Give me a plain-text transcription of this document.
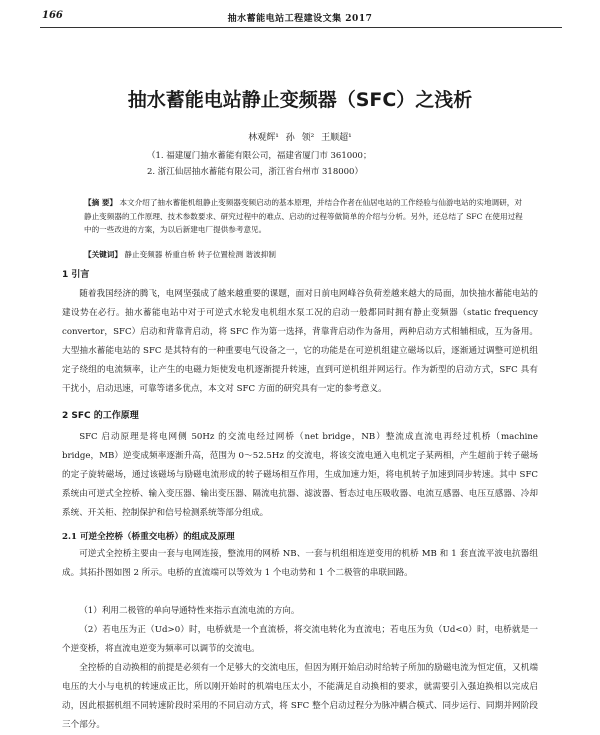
166	抽水蓄能电站工程建设文集 2017
抽水蓄能电站静止变频器（SFC）之浅析
林观辉¹ 孙 领² 王顺超¹
（1. 福建厦门抽水蓄能有限公司，福建省厦门市 361000；
2. 浙江仙居抽水蓄能有限公司，浙江省台州市 318000）
【摘 要】 本文介绍了抽水蓄能机组静止变频器变频启动的基本原理，并结合作者在仙居电站的工作经验与仙游电站的实地调研，对静止变频器的工作原理、技术参数要求、研究过程中的难点、启动的过程等做简单的介绍与分析。另外，还总结了 SFC 在使用过程中的一些改进的方案，为以后新建电厂提供参考意见。
【关键词】 静止变频器 桥重自桥 转子位置检测 谐波抑制
1 引言
随着我国经济的腾飞，电网坚强成了越来越重要的课题，面对日前电网峰谷负荷差越来越大的局面，加快抽水蓄能电站的建设势在必行。抽水蓄能电站中对于可逆式水轮发电机组水泵工况的启动一般都同时拥有静止变频器（static frequency convertor，SFC）启动和背靠背启动，将 SFC 作为第一选择，背靠背启动作为备用，两种启动方式相辅相成，互为备用。大型抽水蓄能电站的 SFC 是其特有的一种重要电气设备之一，它的功能是在可逆机组建立磁场以后，逐渐通过调整可逆机组定子绕组的电流频率，让产生的电磁力矩使发电机逐渐提升转速，直到可逆机组并网运行。作为新型的启动方式，SFC 具有干扰小，启动迅速，可靠等诸多优点，本文对 SFC 方面的研究具有一定的参考意义。
2 SFC 的工作原理
SFC 启动原理是将电网侧 50Hz 的交流电经过网桥（net bridge，NB）整流成直流电再经过机桥（machine bridge，MB）逆变成频率逐渐升高，范围为 0～52.5Hz 的交流电，将该交流电通入电机定子某两相，产生超前于转子磁场的定子旋转磁场，通过该磁场与励磁电流形成的转子磁场相互作用，生成加速力矩，将电机转子加速到同步转速。其中 SFC 系统由可逆式全控桥、输入变压器、输出变压器、隔流电抗器、滤波器、暂态过电压吸收器、电流互感器、电压互感器、冷却系统、开关柜、控制保护和信号检测系统等部分组成。
2.1 可逆全控桥（桥重交电桥）的组成及原理
可逆式全控桥主要由一套与电网连接，整流用的网桥 NB、一套与机组相连逆变用的机桥 MB 和 1 套直流平波电抗器组成。其拓扑图如图 2 所示。电桥的直流端可以等效为 1 个电动势和 1 个二极管的串联回路。
（1）利用二极管的单向导通特性来指示直流电流的方向。
（2）若电压为正（Ud>0）时，电桥就是一个直流桥，将交流电转化为直流电；若电压为负（Ud<0）时，电桥就是一个逆变桥，将直流电逆变为频率可以调节的交流电。
全控桥的自动换相的前提是必须有一个足够大的交流电压，但因为刚开始启动时给转子所加的励磁电流为恒定值，又机端电压的大小与电机的转速成正比，所以刚开始时的机端电压太小，不能满足自动换相的要求，就需要引入强迫换相以完成启动，因此根据机组不同转速阶段时采用的不同启动方式，将 SFC 整个启动过程分为脉冲耦合模式、同步运行、同期并网阶段三个部分。
